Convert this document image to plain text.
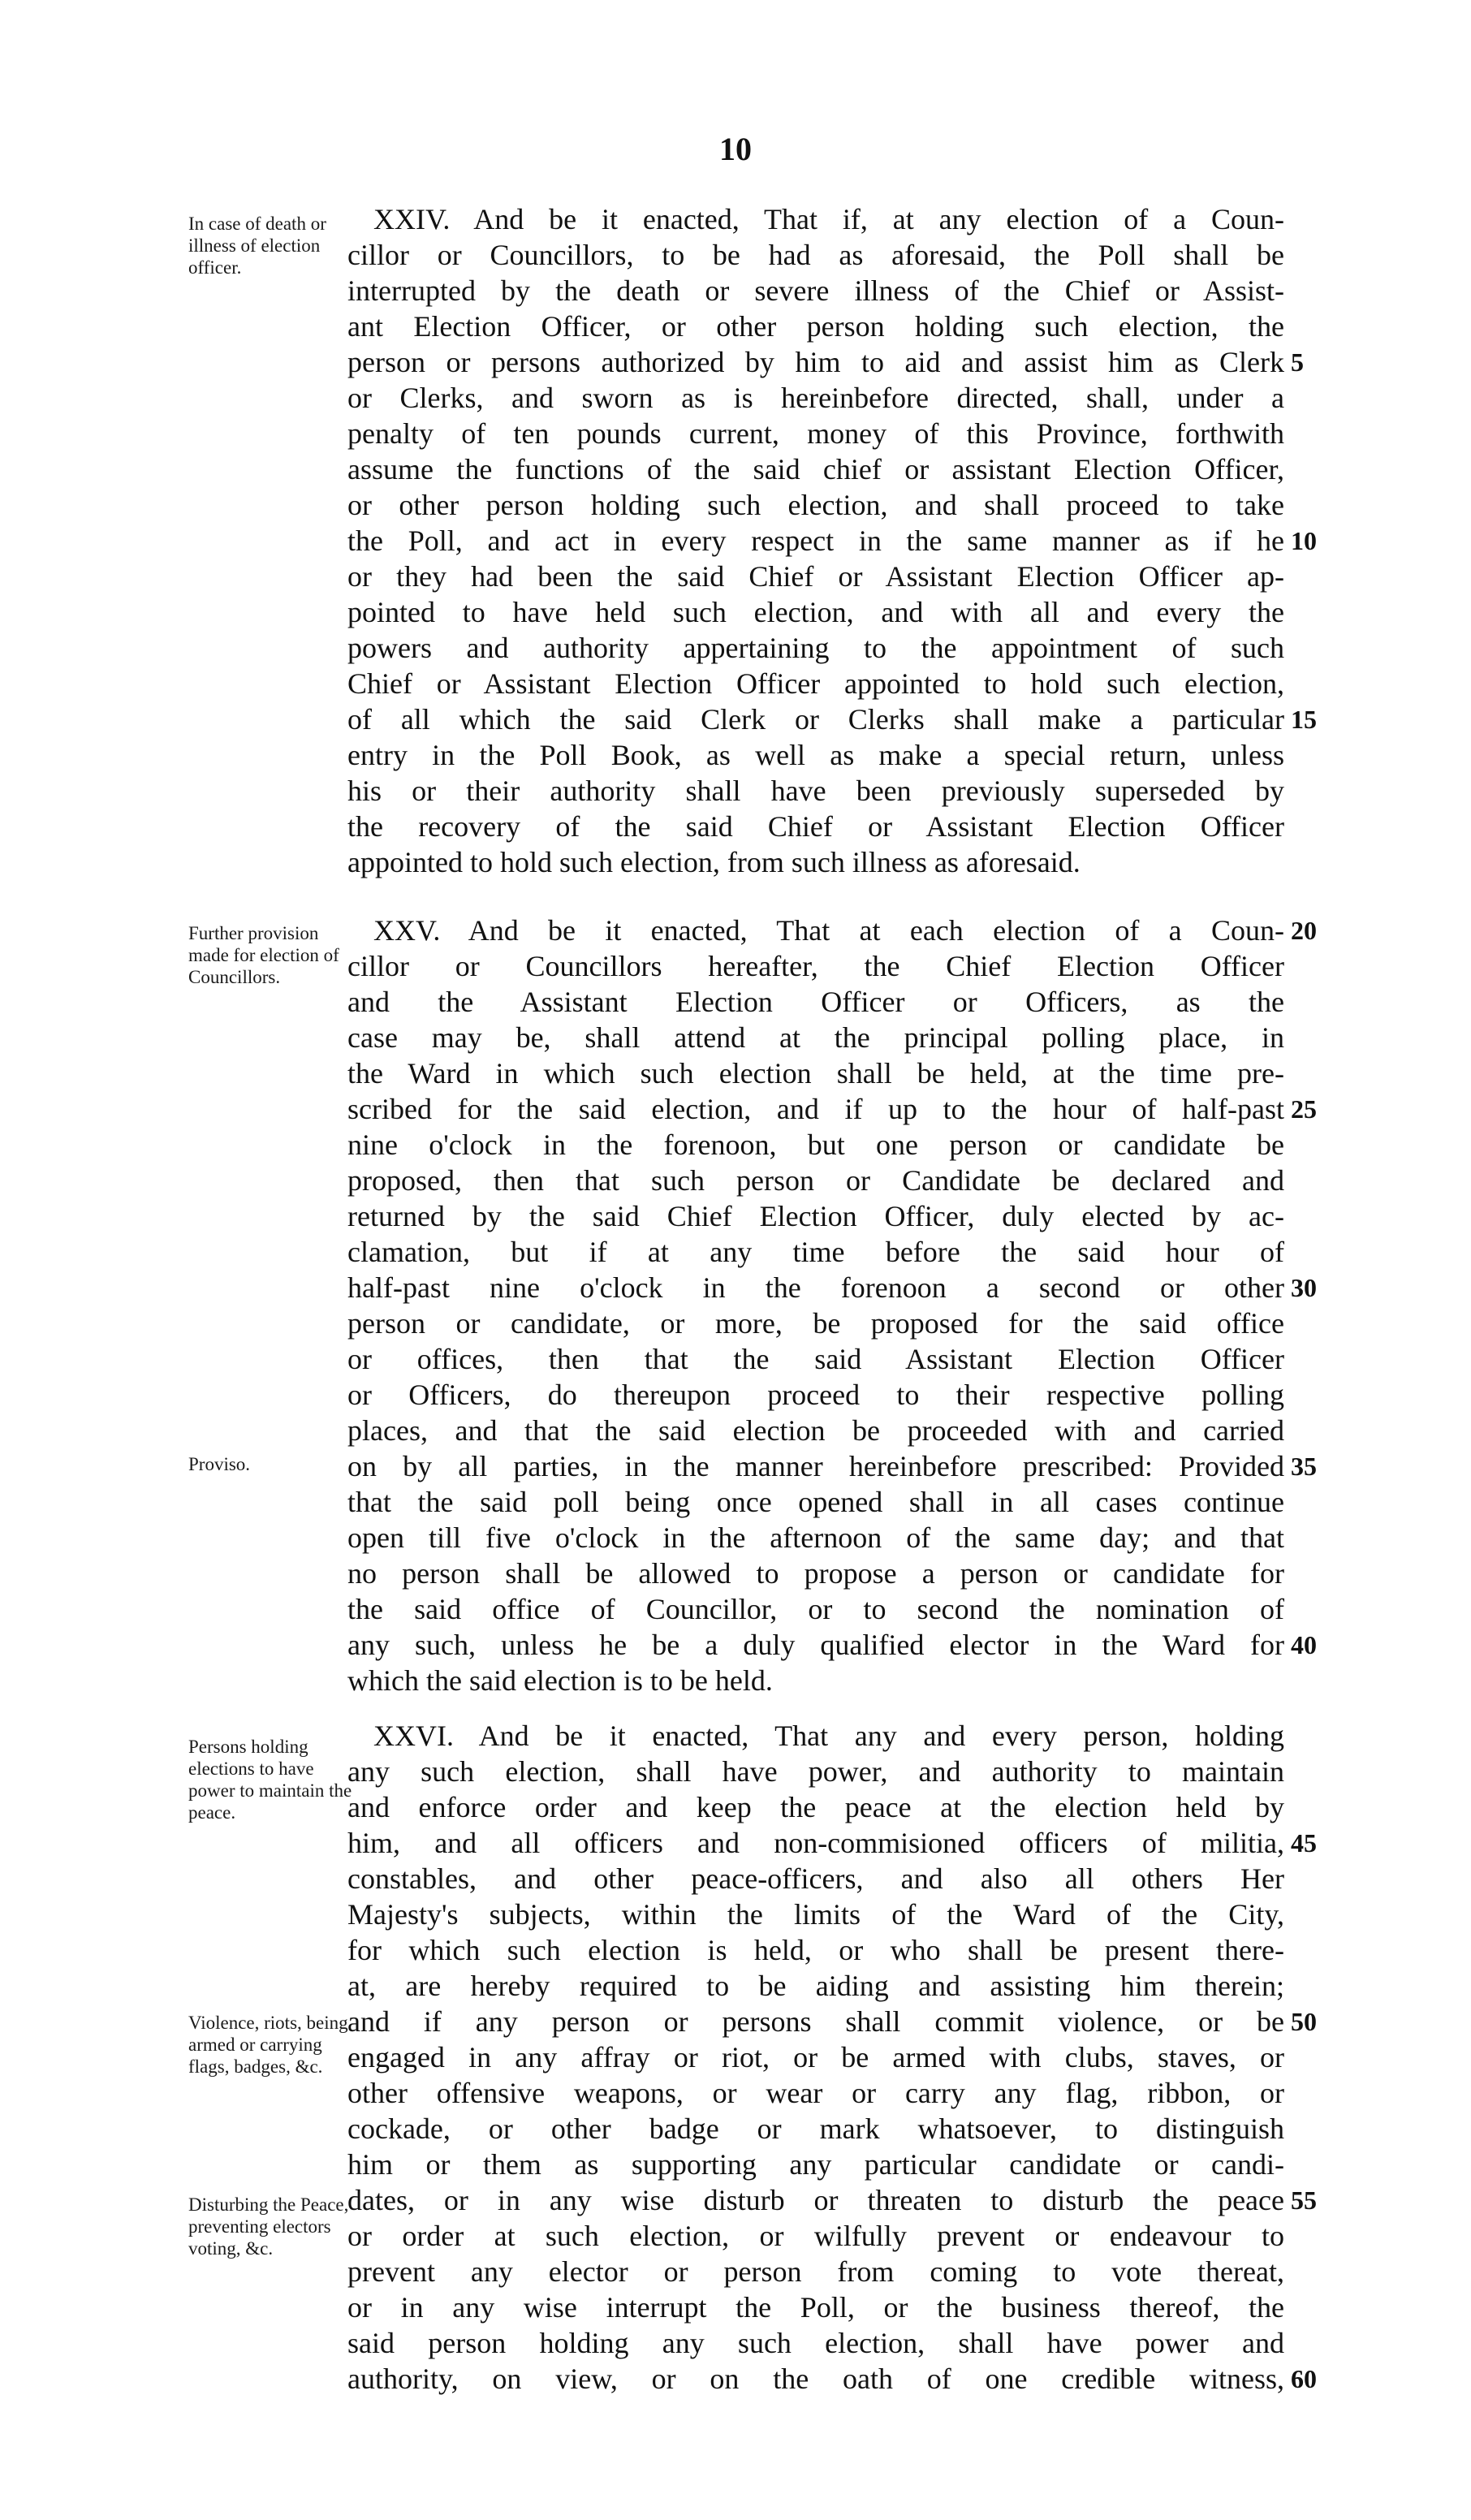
10
In case of death or illness of election officer.
XXIV. And be it enacted, That if, at any election of a Coun-
cillor or Councillors, to be had as aforesaid, the Poll shall be
interrupted by the death or severe illness of the Chief or Assist-
ant Election Officer, or other person holding such election, the
person or persons authorized by him to aid and assist him as Clerk
or Clerks, and sworn as is hereinbefore directed, shall, under a
penalty of ten pounds current, money of this Province, forthwith
assume the functions of the said chief or assistant Election Officer,
or other person holding such election, and shall proceed to take
the Poll, and act in every respect in the same manner as if he
or they had been the said Chief or Assistant Election Officer ap-
pointed to have held such election, and with all and every the
powers and authority appertaining to the appointment of such
Chief or Assistant Election Officer appointed to hold such election,
of all which the said Clerk or Clerks shall make a particular
entry in the Poll Book, as well as make a special return, unless
his or their authority shall have been previously superseded by
the recovery of the said Chief or Assistant Election Officer
appointed to hold such election, from such illness as aforesaid.
Further provision made for election of Councillors.
XXV. And be it enacted, That at each election of a Coun-
cillor or Councillors hereafter, the Chief Election Officer
and the Assistant Election Officer or Officers, as the
case may be, shall attend at the principal polling place, in
the Ward in which such election shall be held, at the time pre-
scribed for the said election, and if up to the hour of half-past
nine o'clock in the forenoon, but one person or candidate be
proposed, then that such person or Candidate be declared and
returned by the said Chief Election Officer, duly elected by ac-
clamation, but if at any time before the said hour of
half-past nine o'clock in the forenoon a second or other
person or candidate, or more, be proposed for the said office
or offices, then that the said Assistant Election Officer
or Officers, do thereupon proceed to their respective polling
places, and that the said election be proceeded with and carried
Proviso.	on by all parties, in the manner hereinbefore prescribed: Provided
that the said poll being once opened shall in all cases continue
open till five o'clock in the afternoon of the same day; and that
no person shall be allowed to propose a person or candidate for
the said office of Councillor, or to second the nomination of
any such, unless he be a duly qualified elector in the Ward for
which the said election is to be held.
Persons holding elections to have power to maintain the peace.
XXVI. And be it enacted, That any and every person, holding
any such election, shall have power, and authority to maintain
and enforce order and keep the peace at the election held by
him, and all officers and non-commisioned officers of militia,
constables, and other peace-officers, and also all others Her
Majesty's subjects, within the limits of the Ward of the City,
for which such election is held, or who shall be present there-
at, are hereby required to be aiding and assisting him therein;
Violence, riots, being armed or carrying flags, badges, &c.
and if any person or persons shall commit violence, or be
engaged in any affray or riot, or be armed with clubs, staves, or
other offensive weapons, or wear or carry any flag, ribbon, or
cockade, or other badge or mark whatsoever, to distinguish
him or them as supporting any particular candidate or candi-
Disturbing the Peace, preventing electors voting, &c.
dates, or in any wise disturb or threaten to disturb the peace
or order at such election, or wilfully prevent or endeavour to
prevent any elector or person from coming to vote thereat,
or in any wise interrupt the Poll, or the business thereof, the
said person holding any such election, shall have power and
authority, on view, or on the oath of one credible witness,
5
10
15
20
25
30
35
40
45
50
55
60
